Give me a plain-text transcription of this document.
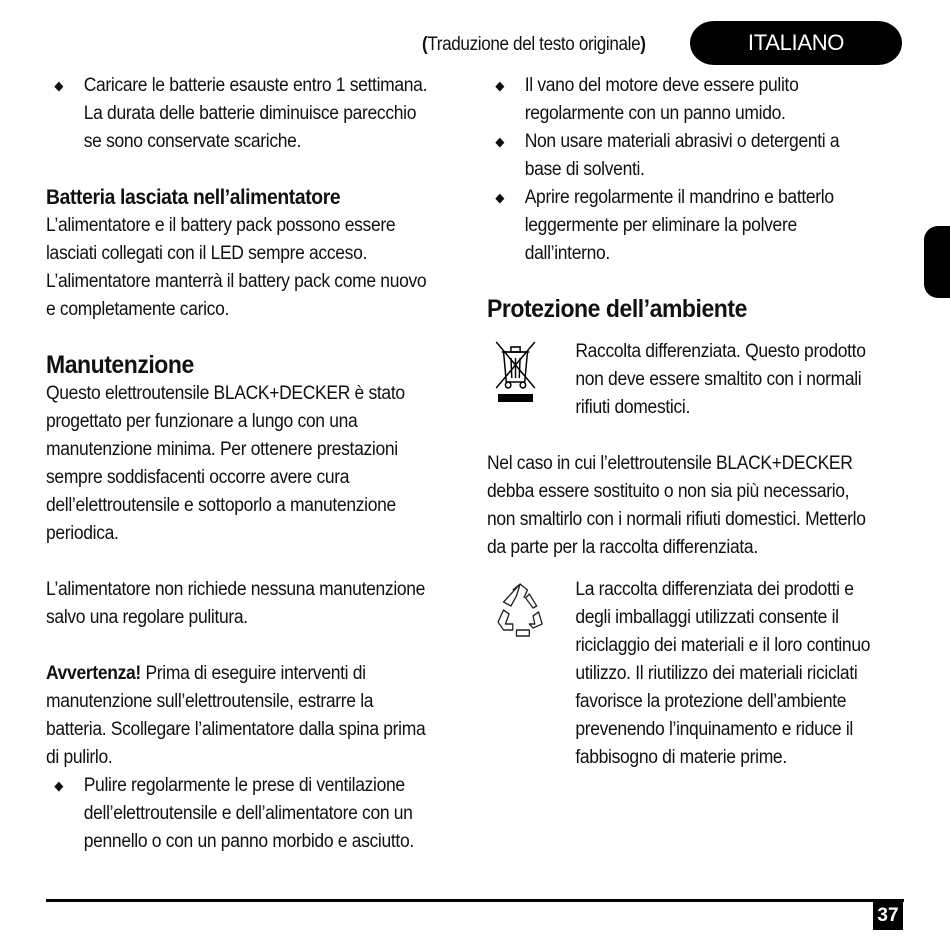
(Traduzione del testo originale)	ITALIANO
◆ Caricare le batterie esauste entro 1 settimana. La durata delle batterie diminuisce parecchio se sono conservate scariche.
Batteria lasciata nell’alimentatore

L’alimentatore e il battery pack possono essere lasciati collegati con il LED sempre acceso. L’alimentatore manterrà il battery pack come nuovo e completamente carico.

Manutenzione

Questo elettroutensile BLACK+DECKER è stato progettato per funzionare a lungo con una manutenzione minima. Per ottenere prestazioni sempre soddisfacenti occorre avere cura dell’elettroutensile e sottoporlo a manutenzione periodica.

L’alimentatore non richiede nessuna manutenzione salvo una regolare pulitura.

Avvertenza! Prima di eseguire interventi di manutenzione sull’elettroutensile, estrarre la batteria. Scollegare l’alimentatore dalla spina prima di pulirlo.

◆ Pulire regolarmente le prese di ventilazione dell’elettroutensile e dell’alimentatore con un pennello o con un panno morbido e asciutto.
◆ Il vano del motore deve essere pulito regolarmente con un panno umido.
◆ Non usare materiali abrasivi o detergenti a base di solventi.
◆ Aprire regolarmente il mandrino e batterlo leggermente per eliminare la polvere dall’interno.
Protezione dell’ambiente

Raccolta differenziata. Questo prodotto non deve essere smaltito con i normali rifiuti domestici.

Nel caso in cui l’elettroutensile BLACK+DECKER debba essere sostituito o non sia più necessario, non smaltirlo con i normali rifiuti domestici. Metterlo da parte per la raccolta differenziata.

La raccolta differenziata dei prodotti e degli imballaggi utilizzati consente il riciclaggio dei materiali e il loro continuo utilizzo. Il riutilizzo dei materiali riciclati favorisce la protezione dell’ambiente prevenendo l’inquinamento e riduce il fabbisogno di materie prime.

37
